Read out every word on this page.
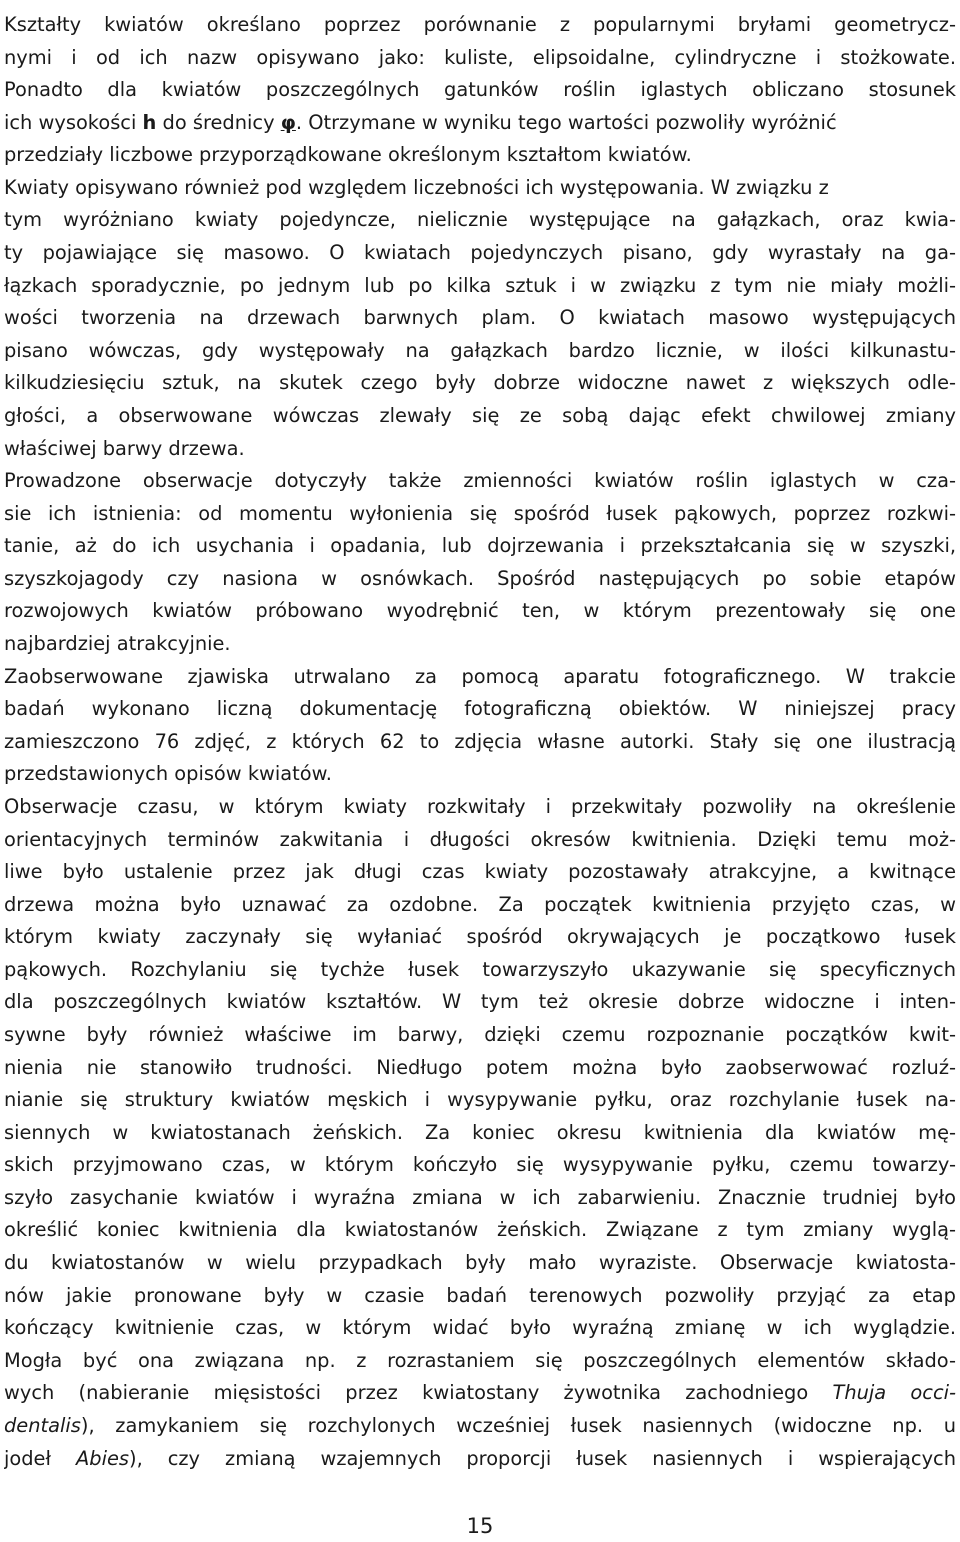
Kształty kwiatów określano poprzez porównanie z popularnymi bryłami geometrycz-
nymi i od ich nazw opisywano jako: kuliste, elipsoidalne, cylindryczne i stożkowate.
Ponadto dla kwiatów poszczególnych gatunków roślin iglastych obliczano stosunek
ich wysokości h do średnicy φ. Otrzymane w wyniku tego wartości pozwoliły wyróżnić
przedziały liczbowe przyporządkowane określonym kształtom kwiatów.
Kwiaty opisywano również pod względem liczebności ich występowania. W związku z
tym wyróżniano kwiaty pojedyncze, nielicznie występujące na gałązkach, oraz kwia-
ty pojawiające się masowo. O kwiatach pojedynczych pisano, gdy wyrastały na ga-
łązkach sporadycznie, po jednym lub po kilka sztuk i w związku z tym nie miały możli-
wości tworzenia na drzewach barwnych plam. O kwiatach masowo występujących
pisano wówczas, gdy występowały na gałązkach bardzo licznie, w ilości kilkunastu-
kilkudziesięciu sztuk, na skutek czego były dobrze widoczne nawet z większych odle-
głości, a obserwowane wówczas zlewały się ze sobą dając efekt chwilowej zmiany
właściwej barwy drzewa.
Prowadzone obserwacje dotyczyły także zmienności kwiatów roślin iglastych w cza-
sie ich istnienia: od momentu wyłonienia się spośród łusek pąkowych, poprzez rozkwi-
tanie, aż do ich usychania i opadania, lub dojrzewania i przekształcania się w szyszki,
szyszkojagody czy nasiona w osnówkach. Spośród następujących po sobie etapów
rozwojowych kwiatów próbowano wyodrębnić ten, w którym prezentowały się one
najbardziej atrakcyjnie.
Zaobserwowane zjawiska utrwalano za pomocą aparatu fotograficznego. W trakcie
badań wykonano liczną dokumentację fotograficzną obiektów. W niniejszej pracy
zamieszczono 76 zdjęć, z których 62 to zdjęcia własne autorki. Stały się one ilustracją
przedstawionych opisów kwiatów.
Obserwacje czasu, w którym kwiaty rozkwitały i przekwitały pozwoliły na określenie
orientacyjnych terminów zakwitania i długości okresów kwitnienia. Dzięki temu moż-
liwe było ustalenie przez jak długi czas kwiaty pozostawały atrakcyjne, a kwitnące
drzewa można było uznawać za ozdobne. Za początek kwitnienia przyjęto czas, w
którym kwiaty zaczynały się wyłaniać spośród okrywających je początkowo łusek
pąkowych. Rozchylaniu się tychże łusek towarzyszyło ukazywanie się specyficznych
dla poszczególnych kwiatów kształtów. W tym też okresie dobrze widoczne i inten-
sywne były również właściwe im barwy, dzięki czemu rozpoznanie początków kwit-
nienia nie stanowiło trudności. Niedługo potem można było zaobserwować rozluź-
nianie się struktury kwiatów męskich i wysypywanie pyłku, oraz rozchylanie łusek na-
siennych w kwiatostanach żeńskich. Za koniec okresu kwitnienia dla kwiatów mę-
skich przyjmowano czas, w którym kończyło się wysypywanie pyłku, czemu towarzy-
szyło zasychanie kwiatów i wyraźna zmiana w ich zabarwieniu. Znacznie trudniej było
określić koniec kwitnienia dla kwiatostanów żeńskich. Związane z tym zmiany wyglą-
du kwiatostanów w wielu przypadkach były mało wyraziste. Obserwacje kwiatosta-
nów jakie pronowane były w czasie badań terenowych pozwoliły przyjąć za etap
kończący kwitnienie czas, w którym widać było wyraźną zmianę w ich wyglądzie.
Mogła być ona związana np. z rozrastaniem się poszczególnych elementów składo-
wych (nabieranie mięsistości przez kwiatostany żywotnika zachodniego Thuja occi-
dentalis), zamykaniem się rozchylonych wcześniej łusek nasiennych (widoczne np. u
jodeł Abies), czy zmianą wzajemnych proporcji łusek nasiennych i wspierających
15
